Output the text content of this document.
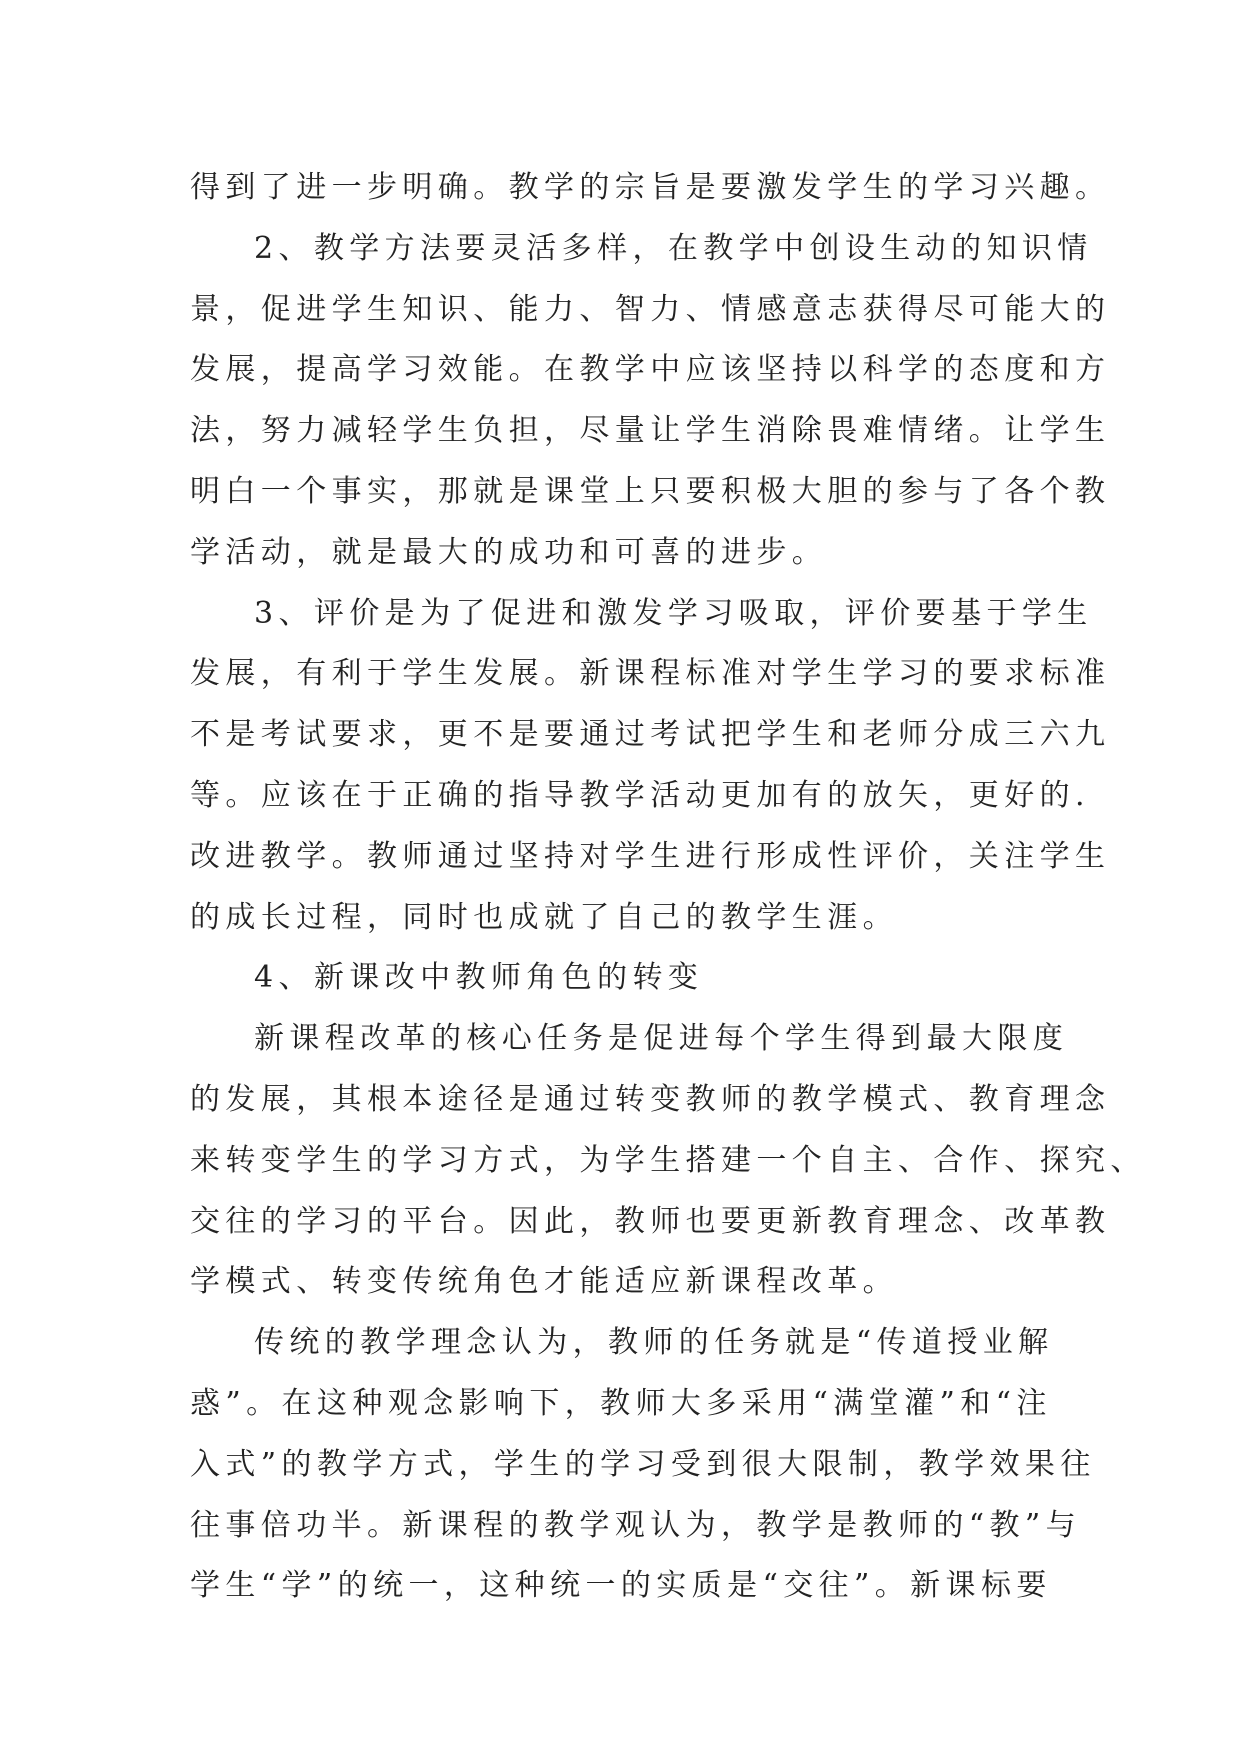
得到了进一步明确。教学的宗旨是要激发学生的学习兴趣。

2、教学方法要灵活多样，在教学中创设生动的知识情
景，促进学生知识、能力、智力、情感意志获得尽可能大的
发展，提高学习效能。在教学中应该坚持以科学的态度和方
法，努力减轻学生负担，尽量让学生消除畏难情绪。让学生
明白一个事实，那就是课堂上只要积极大胆的参与了各个教
学活动，就是最大的成功和可喜的进步。

3、评价是为了促进和激发学习吸取，评价要基于学生
发展，有利于学生发展。新课程标准对学生学习的要求标准
不是考试要求，更不是要通过考试把学生和老师分成三六九
等。应该在于正确的指导教学活动更加有的放矢，更好的.
改进教学。教师通过坚持对学生进行形成性评价，关注学生
的成长过程，同时也成就了自己的教学生涯。

4、新课改中教师角色的转变

新课程改革的核心任务是促进每个学生得到最大限度
的发展，其根本途径是通过转变教师的教学模式、教育理念
来转变学生的学习方式，为学生搭建一个自主、合作、探究、
交往的学习的平台。因此，教师也要更新教育理念、改革教
学模式、转变传统角色才能适应新课程改革。

传统的教学理念认为，教师的任务就是“传道授业解
惑”。在这种观念影响下，教师大多采用“满堂灌”和“注
入式”的教学方式，学生的学习受到很大限制，教学效果往
往事倍功半。新课程的教学观认为，教学是教师的“教”与
学生“学”的统一，这种统一的实质是“交往”。新课标要
